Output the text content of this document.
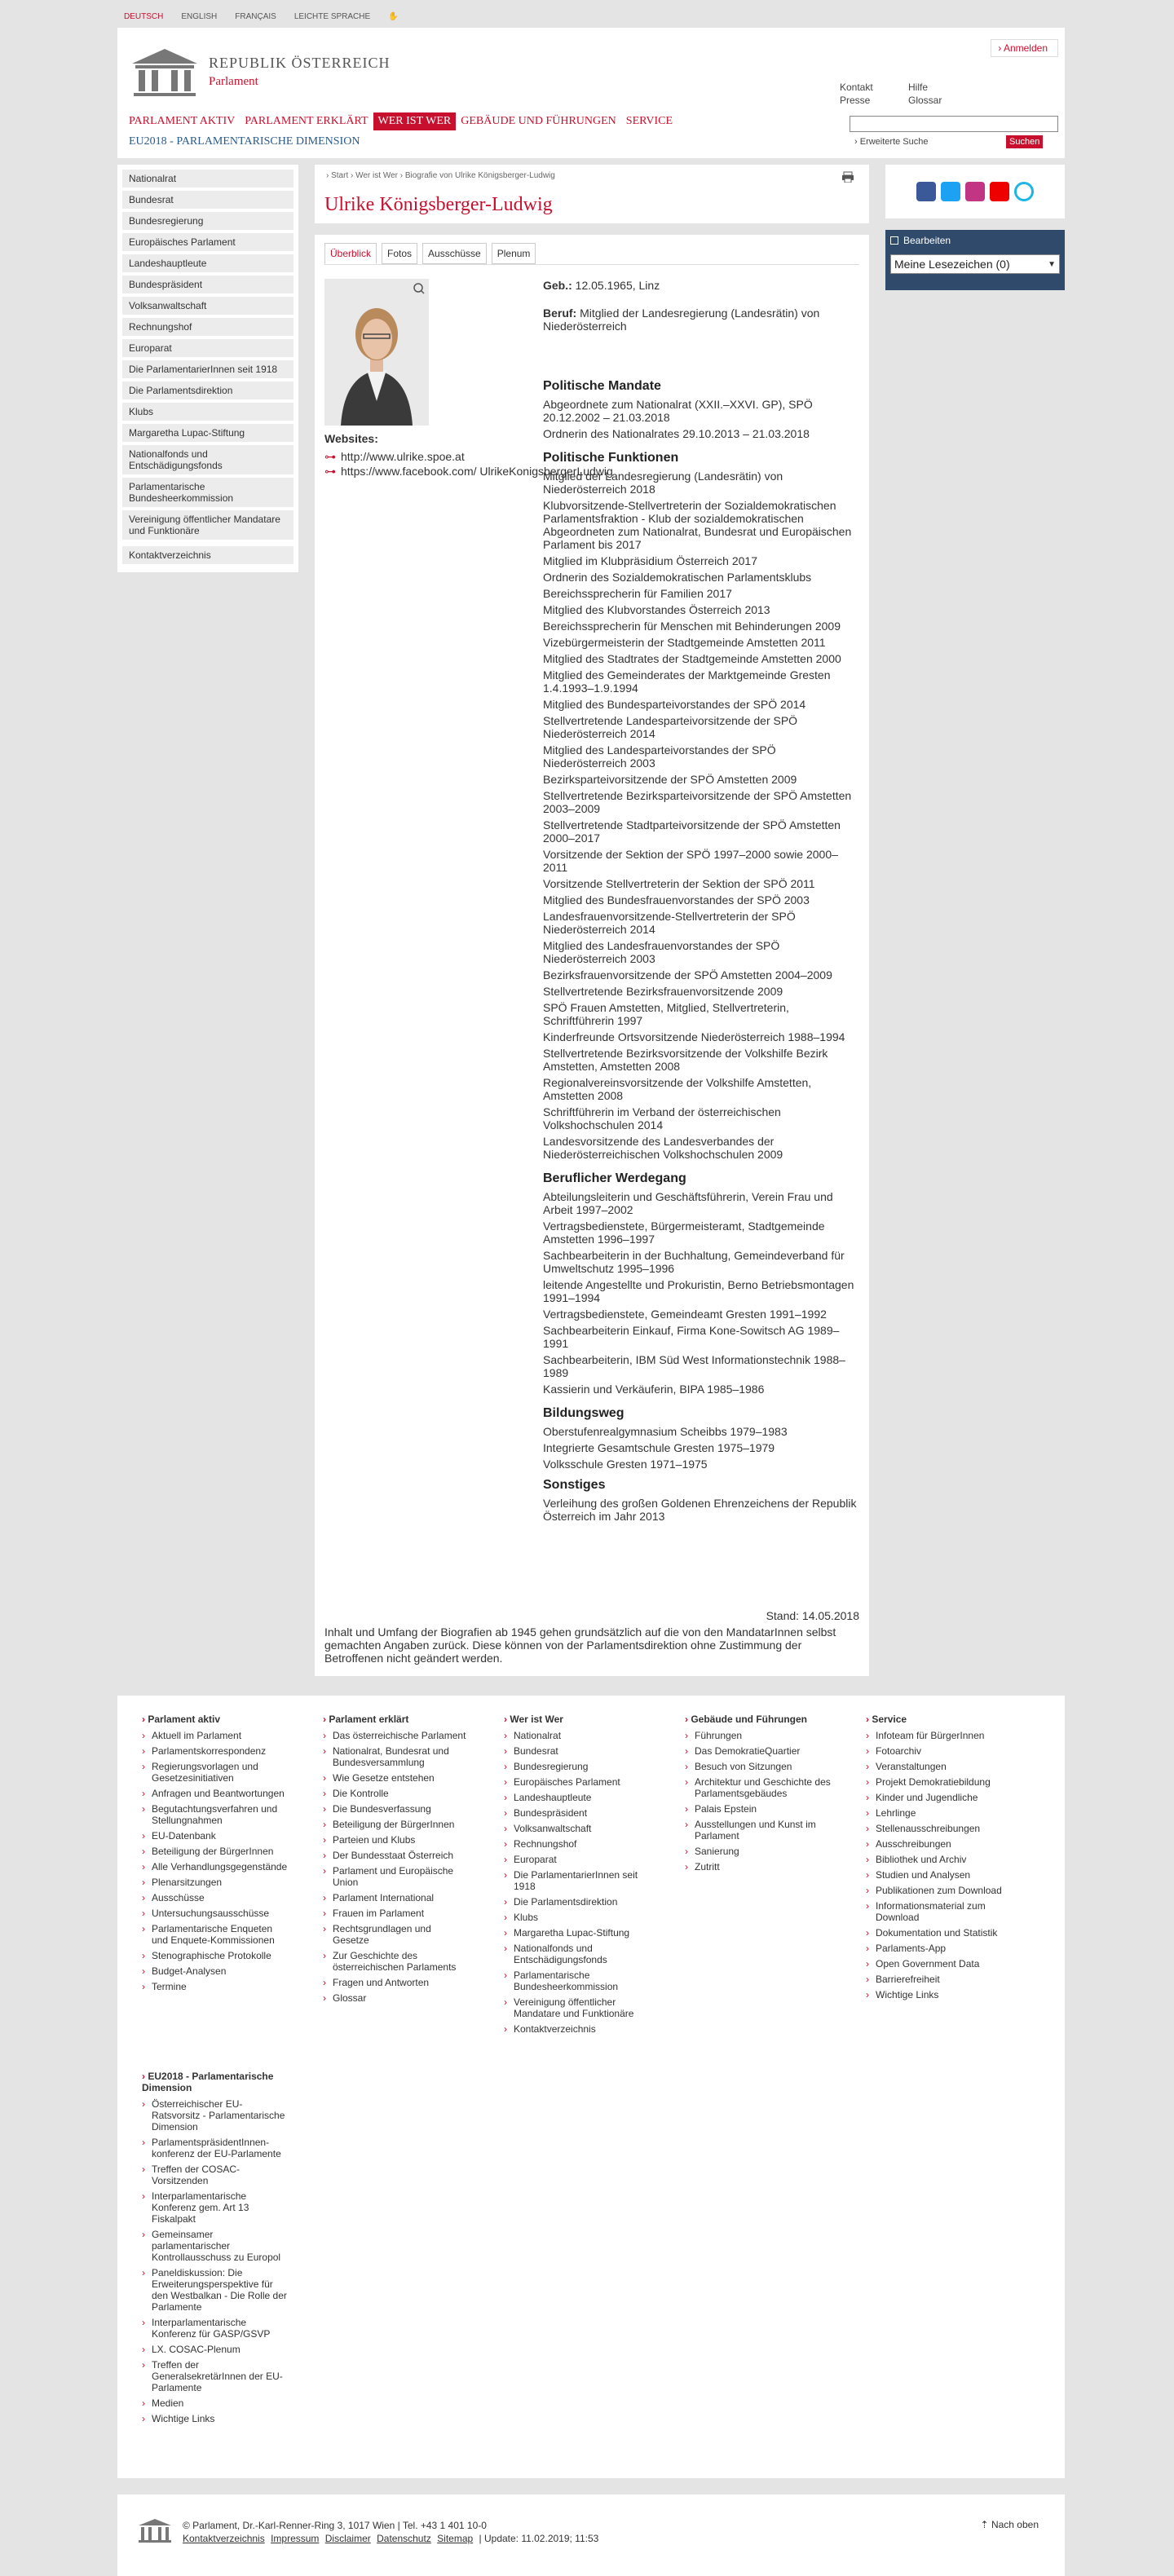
DEUTSCH ENGLISH FRANÇAIS LEICHTE SPRACHE ✋
› Anmelden
REPUBLIK ÖSTERREICH
Parlament	Kontakt	Hilfe
Presse	Glossar
› Erweiterte Suche	Suchen
PARLAMENT AKTIV PARLAMENT ERKLÄRT WER IST WER GEBÄUDE UND FÜHRUNGEN SERVICE
EU2018 - PARLAMENTARISCHE DIMENSION
Nationalrat
Bundesrat
Bundesregierung
Europäisches Parlament
Landeshauptleute
Bundespräsident
Volksanwaltschaft
Rechnungshof
Europarat
Die ParlamentarierInnen seit 1918
Die Parlamentsdirektion
Klubs
Margaretha Lupac-Stiftung
Nationalfonds und Entschädigungsfonds
Parlamentarische Bundesheerkommission
Vereinigung öffentlicher Mandatare und Funktionäre
Kontaktverzeichnis
› Start › Wer ist Wer › Biografie von Ulrike Königsberger-Ludwig
Ulrike Königsberger-Ludwig
Überblick	Fotos	Ausschüsse	Plenum
Websites:
⊶ http://www.ulrike.spoe.at
⊶ https://www.facebook.com/ UlrikeKonigsbergerLudwig

Geb.: 12.05.1965, Linz

Beruf: Mitglied der Landesregierung (Landesrätin) von Niederösterreich

Politische Mandate

Abgeordnete zum Nationalrat (XXII.–XXVI. GP), SPÖ 20.12.2002 – 21.03.2018

Ordnerin des Nationalrates 29.10.2013 – 21.03.2018

Politische Funktionen

Mitglied der Landesregierung (Landesrätin) von Niederösterreich 2018

Klubvorsitzende-Stellvertreterin der Sozialdemokratischen Parlamentsfraktion - Klub der sozialdemokratischen Abgeordneten zum Nationalrat, Bundesrat und Europäischen Parlament bis 2017

Mitglied im Klubpräsidium Österreich 2017

Ordnerin des Sozialdemokratischen Parlamentsklubs

Bereichssprecherin für Familien 2017

Mitglied des Klubvorstandes Österreich 2013

Bereichssprecherin für Menschen mit Behinderungen 2009

Vizebürgermeisterin der Stadtgemeinde Amstetten 2011

Mitglied des Stadtrates der Stadtgemeinde Amstetten 2000

Mitglied des Gemeinderates der Marktgemeinde Gresten 1.4.1993–1.9.1994

Mitglied des Bundesparteivorstandes der SPÖ 2014

Stellvertretende Landesparteivorsitzende der SPÖ Niederösterreich 2014

Mitglied des Landesparteivorstandes der SPÖ Niederösterreich 2003

Bezirksparteivorsitzende der SPÖ Amstetten 2009

Stellvertretende Bezirksparteivorsitzende der SPÖ Amstetten 2003–2009

Stellvertretende Stadtparteivorsitzende der SPÖ Amstetten 2000–2017

Vorsitzende der Sektion der SPÖ 1997–2000 sowie 2000–2011

Vorsitzende Stellvertreterin der Sektion der SPÖ 2011

Mitglied des Bundesfrauenvorstandes der SPÖ 2003

Landesfrauenvorsitzende-Stellvertreterin der SPÖ Niederösterreich 2014

Mitglied des Landesfrauenvorstandes der SPÖ Niederösterreich 2003

Bezirksfrauenvorsitzende der SPÖ Amstetten 2004–2009

Stellvertretende Bezirksfrauenvorsitzende 2009

SPÖ Frauen Amstetten, Mitglied, Stellvertreterin, Schriftführerin 1997

Kinderfreunde Ortsvorsitzende Niederösterreich 1988–1994

Stellvertretende Bezirksvorsitzende der Volkshilfe Bezirk Amstetten, Amstetten 2008

Regionalvereinsvorsitzende der Volkshilfe Amstetten, Amstetten 2008

Schriftführerin im Verband der österreichischen Volkshochschulen 2014

Landesvorsitzende des Landesverbandes der Niederösterreichischen Volkshochschulen 2009

Beruflicher Werdegang

Abteilungsleiterin und Geschäftsführerin, Verein Frau und Arbeit 1997–2002

Vertragsbedienstete, Bürgermeisteramt, Stadtgemeinde Amstetten 1996–1997

Sachbearbeiterin in der Buchhaltung, Gemeindeverband für Umweltschutz 1995–1996

leitende Angestellte und Prokuristin, Berno Betriebsmontagen 1991–1994

Vertragsbedienstete, Gemeindeamt Gresten 1991–1992

Sachbearbeiterin Einkauf, Firma Kone-Sowitsch AG 1989–1991

Sachbearbeiterin, IBM Süd West Informationstechnik 1988–1989

Kassierin und Verkäuferin, BIPA 1985–1986

Bildungsweg

Oberstufenrealgymnasium Scheibbs 1979–1983

Integrierte Gesamtschule Gresten 1975–1979

Volksschule Gresten 1971–1975

Sonstiges

Verleihung des großen Goldenen Ehrenzeichens der Republik Österreich im Jahr 2013

Stand: 14.05.2018
Inhalt und Umfang der Biografien ab 1945 gehen grundsätzlich auf die von den MandatarInnen selbst gemachten Angaben zurück. Diese können von der Parlamentsdirektion ohne Zustimmung der Betroffenen nicht geändert werden.
Bearbeiten
Meine Lesezeichen (0)	▼
› Parlament aktiv
› Aktuell im Parlament
› Parlamentskorrespondenz
› Regierungsvorlagen und Gesetzesinitiativen
› Anfragen und Beantwortungen
› Begutachtungsverfahren und Stellungnahmen
› EU-Datenbank
› Beteiligung der BürgerInnen
› Alle Verhandlungsgegenstände
› Plenarsitzungen
› Ausschüsse
› Untersuchungsausschüsse
› Parlamentarische Enqueten und Enquete-Kommissionen
› Stenographische Protokolle
› Budget-Analysen
› Termine
› Parlament erklärt
› Das österreichische Parlament
› Nationalrat, Bundesrat und Bundesversammlung
› Wie Gesetze entstehen
› Die Kontrolle
› Die Bundesverfassung
› Beteiligung der BürgerInnen
› Parteien und Klubs
› Der Bundesstaat Österreich
› Parlament und Europäische Union
› Parlament International
› Frauen im Parlament
› Rechtsgrundlagen und Gesetze
› Zur Geschichte des österreichischen Parlaments
› Fragen und Antworten
› Glossar
› Wer ist Wer
› Nationalrat
› Bundesrat
› Bundesregierung
› Europäisches Parlament
› Landeshauptleute
› Bundespräsident
› Volksanwaltschaft
› Rechnungshof
› Europarat
› Die ParlamentarierInnen seit 1918
› Die Parlamentsdirektion
› Klubs
› Margaretha Lupac-Stiftung
› Nationalfonds und Entschädigungsfonds
› Parlamentarische Bundesheerkommission
› Vereinigung öffentlicher Mandatare und Funktionäre
› Kontaktverzeichnis
› Gebäude und Führungen
› Führungen
› Das DemokratieQuartier
› Besuch von Sitzungen
› Architektur und Geschichte des Parlamentsgebäudes
› Palais Epstein
› Ausstellungen und Kunst im Parlament
› Sanierung
› Zutritt
› Service
› Infoteam für BürgerInnen
› Fotoarchiv
› Veranstaltungen
› Projekt Demokratiebildung
› Kinder und Jugendliche
› Lehrlinge
› Stellenausschreibungen
› Ausschreibungen
› Bibliothek und Archiv
› Studien und Analysen
› Publikationen zum Download
› Informationsmaterial zum Download
› Dokumentation und Statistik
› Parlaments-App
› Open Government Data
› Barrierefreiheit
› Wichtige Links
› EU2018 - Parlamentarische Dimension
› Österreichischer EU-Ratsvorsitz - Parlamentarische Dimension
› ParlamentspräsidentInnen-konferenz der EU-Parlamente
› Treffen der COSAC-Vorsitzenden
› Interparlamentarische Konferenz gem. Art 13 Fiskalpakt
› Gemeinsamer parlamentarischer Kontrollausschuss zu Europol
› Paneldiskussion: Die Erweiterungsperspektive für den Westbalkan - Die Rolle der Parlamente
› Interparlamentarische Konferenz für GASP/GSVP
› LX. COSAC-Plenum
› Treffen der GeneralsekretärInnen der EU-Parlamente
› Medien
› Wichtige Links
© Parlament, Dr.-Karl-Renner-Ring 3, 1017 Wien | Tel. +43 1 401 10-0
Kontaktverzeichnis Impressum Disclaimer Datenschutz Sitemap | Update: 11.02.2019; 11:53
⇡ Nach oben
